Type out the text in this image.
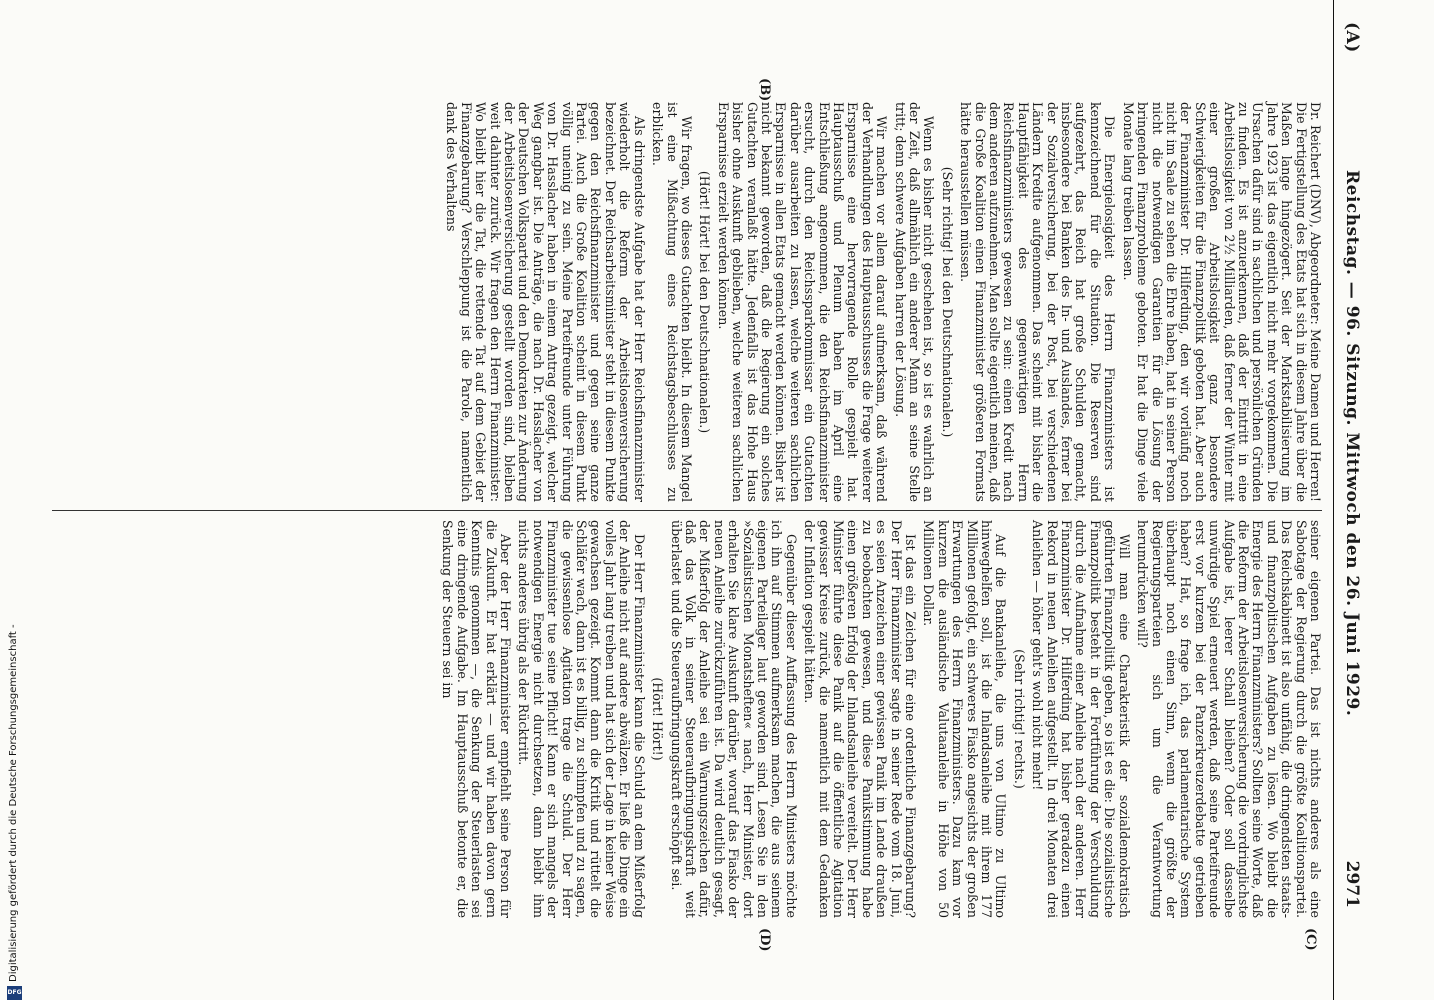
(A)
Reichstag. — 96. Sitzung. Mittwoch den 26. Juni 1929.
2971
(C)
(B)
(D)

Dr. Reichert (DNV), Abgeordneter: Meine Damen und Herren! Die Fertigstellung des Etats hat sich in diesem Jahre über die Maßen lange hingezögert. Seit der Markstabilisierung im Jahre 1923 ist das eigentlich nicht mehr vorgekommen. Die Ursachen dafür sind in sachlichen und persönlichen Gründen zu finden. Es ist anzuerkennen, daß der Eintritt in eine Arbeitslosigkeit von 2½ Milliarden, daß ferner der Winter mit einer großen Arbeitslosigkeit ganz besondere Schwierigkeiten für die Finanzpolitik geboten hat. Aber auch der Finanzminister Dr. Hilferding, den wir vorläufig noch nicht im Saale zu sehen die Ehre haben, hat in seiner Person nicht die notwendigen Garantien für die Lösung der bringenden Finanzprobleme geboten. Er hat die Dinge viele Monate lang treiben lassen.

Die Energielosigkeit des Herrn Finanzministers ist kennzeichnend für die Situation. Die Reserven sind aufgezehrt, das Reich hat große Schulden gemacht, insbesondere bei Banken des In- und Auslandes, ferner bei der Sozialversicherung, bei der Post, bei verschiedenen Ländern Kredite aufgenommen. Das scheint mit bisher die Hauptfähigkeit des gegenwärtigen Herrn Reichsfinanzministers gewesen zu sein: einen Kredit nach dem anderen aufzunehmen. Man sollte eigentlich meinen, daß die Große Koalition einen Finanzminister größeren Formats hätte herausstellen müssen.

(Sehr richtig! bei den Deutschnationalen.)

Wenn es bisher nicht geschehen ist, so ist es wahrlich an der Zeit, daß allmählich ein anderer Mann an seine Stelle tritt; denn schwere Aufgaben harren der Lösung.

Wir machen vor allem darauf aufmerksam, daß während der Verhandlungen des Hauptausschusses die Frage weiterer Ersparnisse eine hervorragende Rolle gespielt hat. Hauptausschuß und Plenum haben im April eine Entschließung angenommen, die den Reichsfinanzminister ersucht, durch den Reichssparkommissar ein Gutachten darüber ausarbeiten zu lassen, welche weiteren sachlichen Ersparnisse in allen Etats gemacht werden können. Bisher ist nicht bekannt geworden, daß die Regierung ein solches Gutachten veranlaßt hätte. Jedenfalls ist das Hohe Haus bisher ohne Auskunft geblieben, welche weiteren sachlichen Ersparnisse erzielt werden können.

(Hört! Hört! bei den Deutschnationalen.)

Wir fragen, wo dieses Gutachten bleibt. In diesem Mangel ist eine Mißachtung eines Reichstagsbeschlusses zu erblicken.

Als dringendste Aufgabe hat der Herr Reichsfinanzminister wiederholt die Reform der Arbeitslosenversicherung bezeichnet. Der Reichsarbeitsminister steht in diesem Punkte gegen den Reichsfinanzminister und gegen seine ganze Partei. Auch die Große Koalition scheint in diesem Punkt völlig uneinig zu sein. Meine Parteifreunde unter Führung von Dr. Hasslacher haben in einem Antrag gezeigt, welcher Weg gangbar ist. Die Anträge, die nach Dr. Hasslacher von der Deutschen Volkspartei und den Demokraten zur Änderung der Arbeitslosenversicherung gestellt worden sind, bleiben weit dahinter zurück. Wir fragen den Herrn Finanzminister: Wo bleibt hier die Tat, die rettende Tat auf dem Gebiet der Finanzgebarung? Verschleppung ist die Parole, namentlich dank des Verhaltens

seiner eigenen Partei. Das ist nichts anderes als eine Sabotage der Regierung durch die größte Koalitionspartei. Das Reichskabinett ist also unfähig, die dringendsten staats- und finanzpolitischen Aufgaben zu lösen. Wo bleibt die Energie des Herrn Finanzministers? Sollten seine Worte, daß die Reform der Arbeitslosenversicherung die vordringlichste Aufgabe ist, leerer Schall bleiben? Oder soll dasselbe unwürdige Spiel erneuert werden, daß seine Parteifreunde erst vor kurzem bei der Panzerkreuzerdebatte getrieben haben? Hat, so frage ich, das parlamentarische System überhaupt noch einen Sinn, wenn die größte der Regierungsparteien sich um die Verantwortung herumdrücken will?

Will man eine Charakteristik der sozialdemokratisch geführten Finanzpolitik geben, so ist es die: Die sozialistische Finanzpolitik besteht in der Fortführung der Verschuldung durch die Aufnahme einer Anleihe nach der anderen. Herr Finanzminister Dr. Hilferding hat bisher geradezu einen Rekord in neuen Anleihen aufgestellt. In drei Monaten drei Anleihen — höher geht's wohl nicht mehr!

(Sehr richtig! rechts.)

Auf die Bankanleihe, die uns von Ultimo zu Ultimo hinweghelfen soll, ist die Inlandsanleihe mit ihrem 177 Millionen gefolgt, ein schweres Fiasko angesichts der großen Erwartungen des Herrn Finanzministers. Dazu kam vor kurzem die ausländische Valutaanleihe in Höhe von 50 Millionen Dollar.

Ist das ein Zeichen für eine ordentliche Finanzgebarung? Der Herr Finanzminister sagte in seiner Rede vom 18. Juni, es seien Anzeichen einer gewissen Panik im Lande draußen zu beobachten gewesen, und diese Panikstimmung habe einen größeren Erfolg der Inlandsanleihe vereitelt. Der Herr Minister führte diese Panik auf die öffentliche Agitation gewisser Kreise zurück, die namentlich mit dem Gedanken der Inflation gespielt hätten.

Gegenüber dieser Auffassung des Herrn Ministers möchte ich ihn auf Stimmen aufmerksam machen, die aus seinem eigenen Parteilager laut geworden sind. Lesen Sie in den »Sozialistischen Monatsheften« nach, Herr Minister, dort erhalten Sie klare Auskunft darüber, worauf das Fiasko der neuen Anleihe zurückzuführen ist. Da wird deutlich gesagt, der Mißerfolg der Anleihe sei ein Warnungszeichen dafür, daß das Volk in seiner Steueraufbringungskraft weit überlastet und die Steueraufbringungskraft erschöpft sei.

(Hört! Hört!)

Der Herr Finanzminister kann die Schuld an dem Mißerfolg der Anleihe nicht auf andere abwälzen. Er ließ die Dinge ein volles Jahr lang treiben und hat sich der Lage in keiner Weise gewachsen gezeigt. Kommt dann die Kritik und rüttelt die Schläfer wach, dann ist es billig, zu schimpfen und zu sagen, die gewissenlose Agitation trage die Schuld. Der Herr Finanzminister tue seine Pflicht! Kann er sich mangels der notwendigen Energie nicht durchsetzen, dann bleibt ihm nichts anderes übrig als der Rücktritt.

Aber der Herr Finanzminister empfiehlt seine Person für die Zukunft. Er hat erklärt — und wir haben davon gern Kenntnis genommen —, die Senkung der Steuerlasten sei eine dringende Aufgabe. Im Hauptausschuß betonte er, die Senkung der Steuern sei im

Digitalisierung gefördert durch die Deutsche Forschungsgemeinschaft -
DFG
